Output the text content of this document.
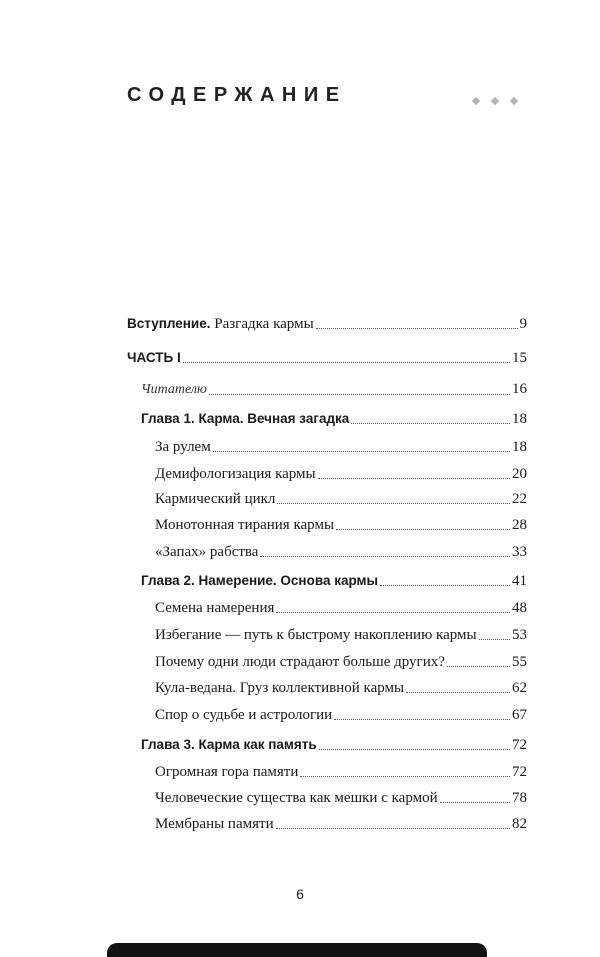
СОДЕРЖАНИЕ
Вступление. Разгадка кармы	9
ЧАСТЬ I	15
Читателю	16
Глава 1. Карма. Вечная загадка	18
За рулем	18
Демифологизация кармы	20
Кармический цикл	22
Монотонная тирания кармы	28
«Запах» рабства	33
Глава 2. Намерение. Основа кармы	41
Семена намерения	48
Избегание — путь к быстрому накоплению кармы 53
Почему одни люди страдают больше других?	55
Кула-ведана. Груз коллективной кармы	62
Спор о судьбе и астрологии	67
Глава 3. Карма как память	72
Огромная гора памяти	72
Человеческие существа как мешки с кармой	78
Мембраны памяти	82
6
